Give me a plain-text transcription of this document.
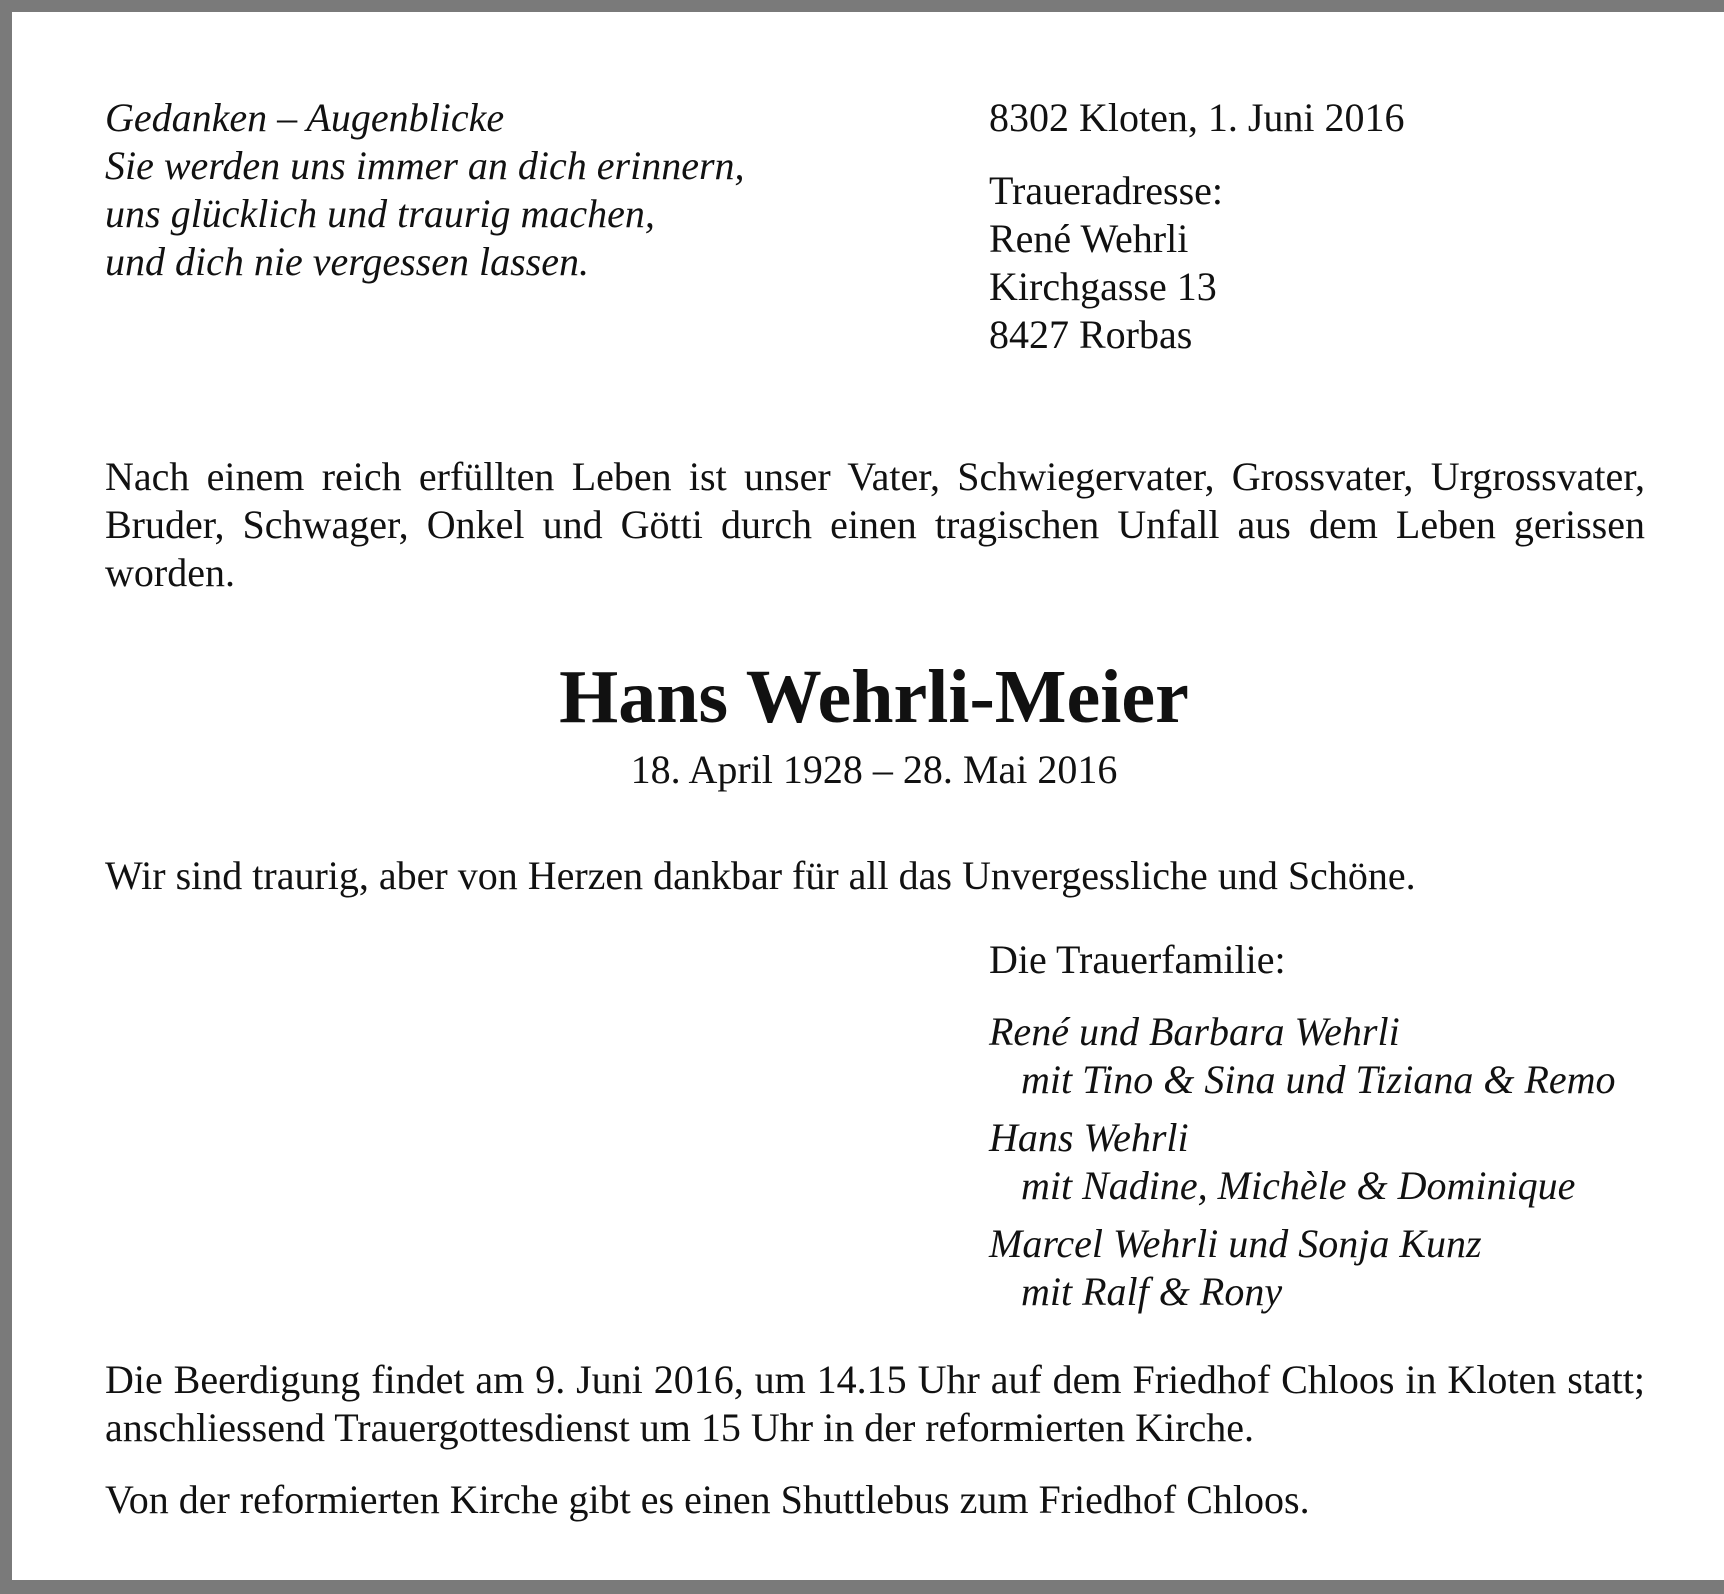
Gedanken – Augenblicke
Sie werden uns immer an dich erinnern,
uns glücklich und traurig machen,
und dich nie vergessen lassen.
8302 Kloten, 1. Juni 2016
Traueradresse:
René Wehrli
Kirchgasse 13
8427 Rorbas
Nach einem reich erfüllten Leben ist unser Vater, Schwiegervater, Grossvater, Urgrossvater, Bruder, Schwager, Onkel und Götti durch einen tragischen Unfall aus dem Leben gerissen worden.
Hans Wehrli-Meier
18. April 1928 – 28. Mai 2016
Wir sind traurig, aber von Herzen dankbar für all das Unvergessliche und Schöne.
Die Trauerfamilie:
René und Barbara Wehrli
mit Tino & Sina und Tiziana & Remo
Hans Wehrli
mit Nadine, Michèle & Dominique
Marcel Wehrli und Sonja Kunz
mit Ralf & Rony
Die Beerdigung findet am 9. Juni 2016, um 14.15 Uhr auf dem Friedhof Chloos in Kloten statt; anschliessend Trauergottesdienst um 15 Uhr in der reformierten Kirche.
Von der reformierten Kirche gibt es einen Shuttlebus zum Friedhof Chloos.
